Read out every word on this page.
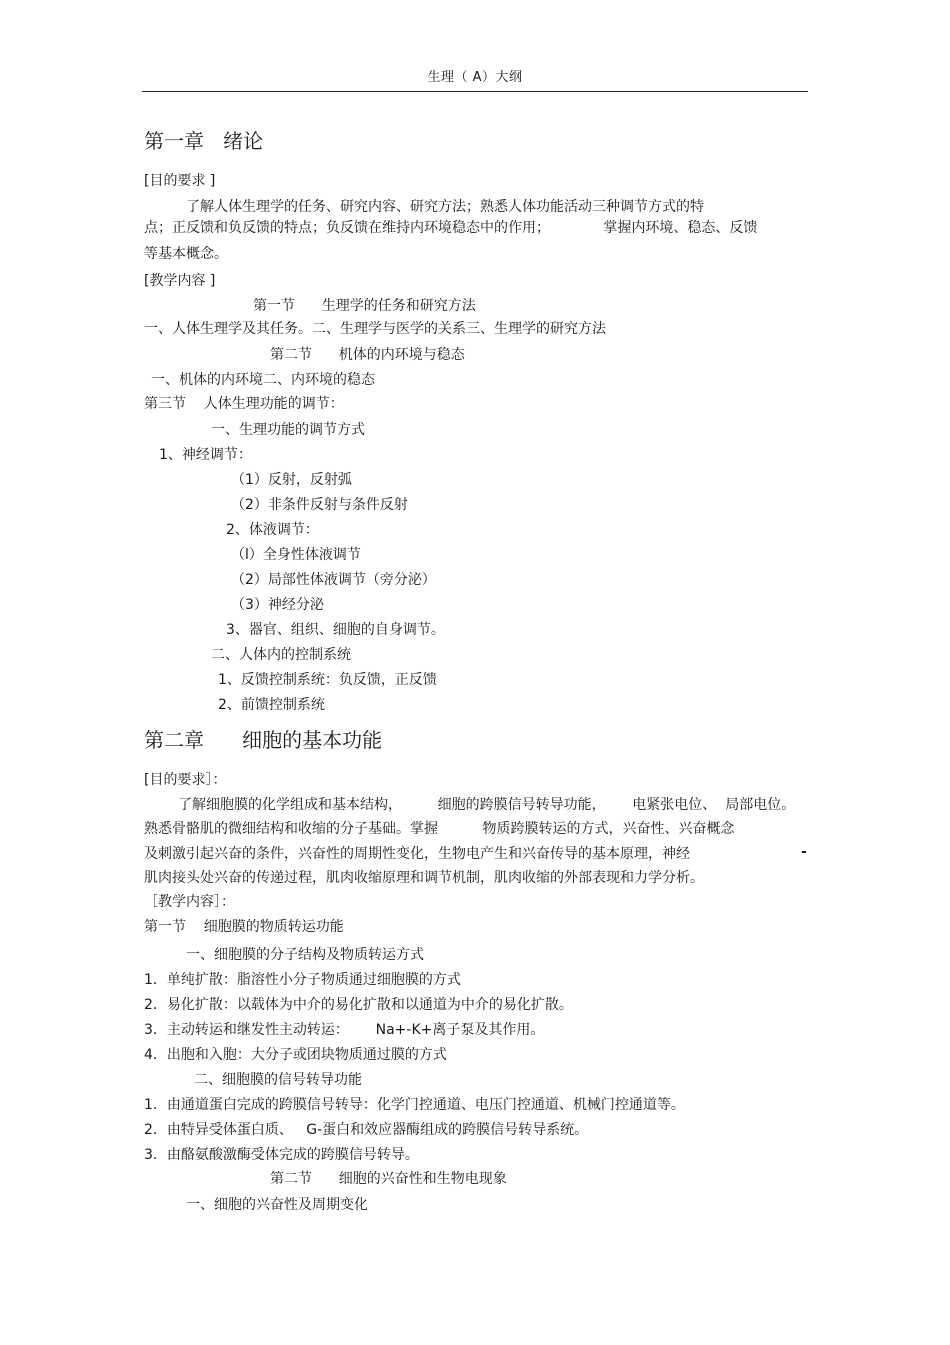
生理（ A）大纲
第一章   绪论
[目的要求 ]
了解人体生理学的任务、研究内容、研究方法；熟悉人体功能活动三种调节方式的特
点；正反馈和负反馈的特点；负反馈在维持内环境稳态中的作用；            掌握内环境、稳态、反馈
等基本概念。
[教学内容 ]
第一节      生理学的任务和研究方法
一、人体生理学及其任务。二、生理学与医学的关系三、生理学的研究方法
第二节      机体的内环境与稳态
一、机体的内环境二、内环境的稳态
第三节    人体生理功能的调节：
一、生理功能的调节方式
1、神经调节：
（1）反射，反射弧
（2）非条件反射与条件反射
2、体液调节：
（l）全身性体液调节
（2）局部性体液调节（旁分泌）
（3）神经分泌
3、器官、组织、细胞的自身调节。
二、人体内的控制系统
1、反馈控制系统：负反馈，正反馈
2、前馈控制系统
第二章      细胞的基本功能
[目的要求］：
了解细胞膜的化学组成和基本结构，        细胞的跨膜信号转导功能，      电紧张电位、  局部电位。
熟悉骨骼肌的微细结构和收缩的分子基础。掌握          物质跨膜转运的方式，兴奋性、兴奋概念
及刺激引起兴奋的条件，兴奋性的周期性变化，生物电产生和兴奋传导的基本原理，神经	-
肌肉接头处兴奋的传递过程，肌肉收缩原理和调节机制，肌肉收缩的外部表现和力学分析。
［教学内容］：
第一节    细胞膜的物质转运功能
一、细胞膜的分子结构及物质转运方式
1．单纯扩散：脂溶性小分子物质通过细胞膜的方式
2．易化扩散：以载体为中介的易化扩散和以通道为中介的易化扩散。
3．主动转运和继发性主动转运：      Na+-K+离子泵及其作用。
4．出胞和入胞：大分子或团块物质通过膜的方式
二、细胞膜的信号转导功能
1．由通道蛋白完成的跨膜信号转导：化学门控通道、电压门控通道、机械门控通道等。
2．由特异受体蛋白质、   G-蛋白和效应器酶组成的跨膜信号转导系统。
3．由酪氨酸激酶受体完成的跨膜信号转导。
第二节      细胞的兴奋性和生物电现象
一、细胞的兴奋性及周期变化
